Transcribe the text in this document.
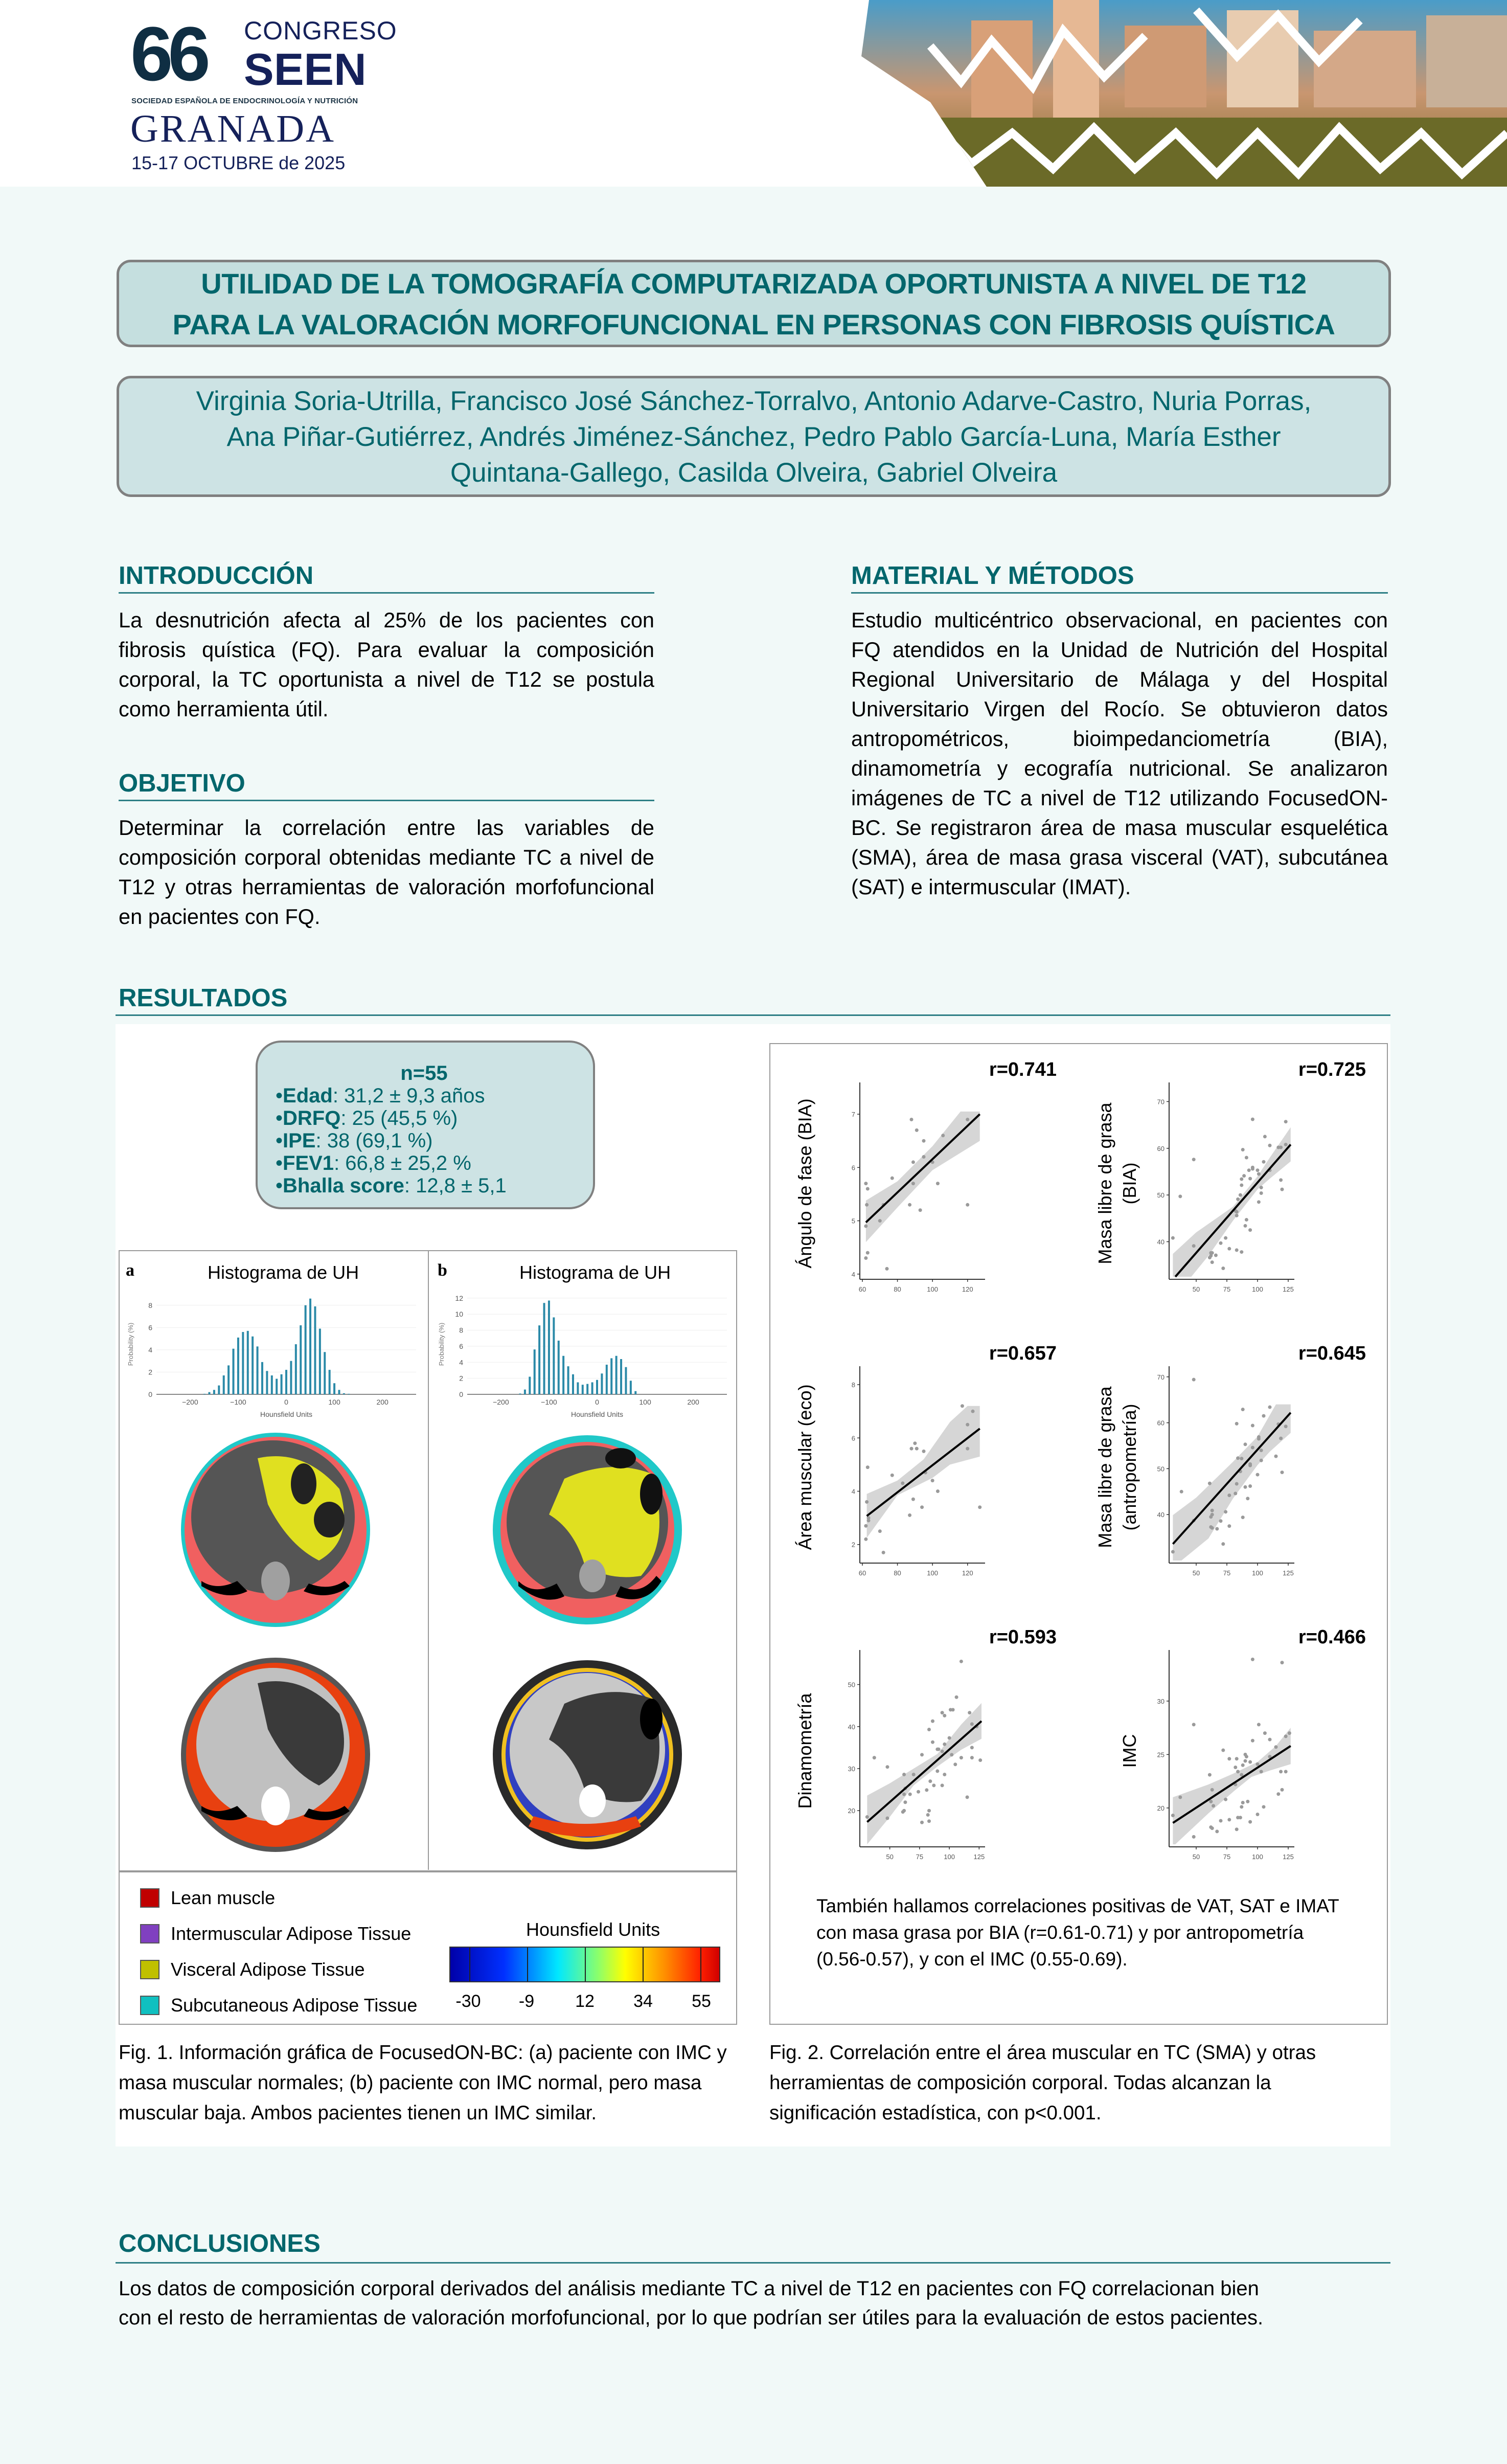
66	CONGRESO
SEEN
SOCIEDAD ESPAÑOLA DE ENDOCRINOLOGÍA Y NUTRICIÓN
GRANADA
15-17 OCTUBRE de 2025
UTILIDAD DE LA TOMOGRAFÍA COMPUTARIZADA OPORTUNISTA A NIVEL DE T12
PARA LA VALORACIÓN MORFOFUNCIONAL EN PERSONAS CON FIBROSIS QUÍSTICA
Virginia Soria-Utrilla, Francisco José Sánchez-Torralvo, Antonio Adarve-Castro, Nuria Porras,
Ana Piñar-Gutiérrez, Andrés Jiménez-Sánchez, Pedro Pablo García-Luna, María Esther
Quintana-Gallego, Casilda Olveira, Gabriel Olveira
INTRODUCCIÓN
La desnutrición afecta al 25% de los pacientes con fibrosis quística (FQ). Para evaluar la composición corporal, la TC oportunista a nivel de T12 se postula como herramienta útil.
OBJETIVO
Determinar la correlación entre las variables de composición corporal obtenidas mediante TC a nivel de T12 y otras herramientas de valoración morfofuncional en pacientes con FQ.
MATERIAL Y MÉTODOS
Estudio multicéntrico observacional, en pacientes con FQ atendidos en la Unidad de Nutrición del Hospital Regional Universitario de Málaga y del Hospital Universitario Virgen del Rocío. Se obtuvieron datos antropométricos, bioimpedanciometría (BIA), dinamometría y ecografía nutricional. Se analizaron imágenes de TC a nivel de T12 utilizando FocusedON-BC. Se registraron área de masa muscular esquelética (SMA), área de masa grasa visceral (VAT), subcutánea (SAT) e intermuscular (IMAT).
RESULTADOS
n=55
•Edad: 31,2 ± 9,3 años
•DRFQ: 25 (45,5 %)
•IPE: 38 (69,1 %)
•FEV1: 66,8 ± 25,2 %
•Bhalla score: 12,8 ± 5,1
a	b
Histograma de UH	Histograma de UH
0
2
4
6
8
−200	−100	0	100	200
Hounsfield Units
Probability (%)
0
2
4
6
8
10
12
−200	−100	0	100	200
Hounsfield Units
Probability (%)
Lean muscle
Intermuscular Adipose Tissue
Visceral Adipose Tissue
Subcutaneous Adipose Tissue
Hounsfield Units
-30	-9	12	34	55
Fig. 1. Información gráfica de FocusedON-BC: (a) paciente con IMC y
masa muscular normales; (b) paciente con IMC normal, pero masa
muscular baja. Ambos pacientes tienen un IMC similar.
4
5
6
7
60	80	100	120
r=0.741
Ángulo de fase (BIA)	40
50
60
70
50	75	100	125
r=0.725
Masa libre de grasa (BIA)
2
4
6
8
60	80	100	120
r=0.657
Área muscular (eco)	40
50
60
70
50	75	100	125
r=0.645
Masa libre de grasa (antropometría)
20
30
40
50
50	75	100	125
r=0.593
Dinamometría	20
25
30
50	75	100	125
r=0.466
IMC
También hallamos correlaciones positivas de VAT, SAT e IMAT con masa grasa por BIA (r=0.61-0.71) y por antropometría (0.56-0.57), y con el IMC (0.55-0.69).
Fig. 2. Correlación entre el área muscular en TC (SMA) y otras
herramientas de composición corporal. Todas alcanzan la
significación estadística, con p<0.001.
CONCLUSIONES
Los datos de composición corporal derivados del análisis mediante TC a nivel de T12 en pacientes con FQ correlacionan bien
con el resto de herramientas de valoración morfofuncional, por lo que podrían ser útiles para la evaluación de estos pacientes.
